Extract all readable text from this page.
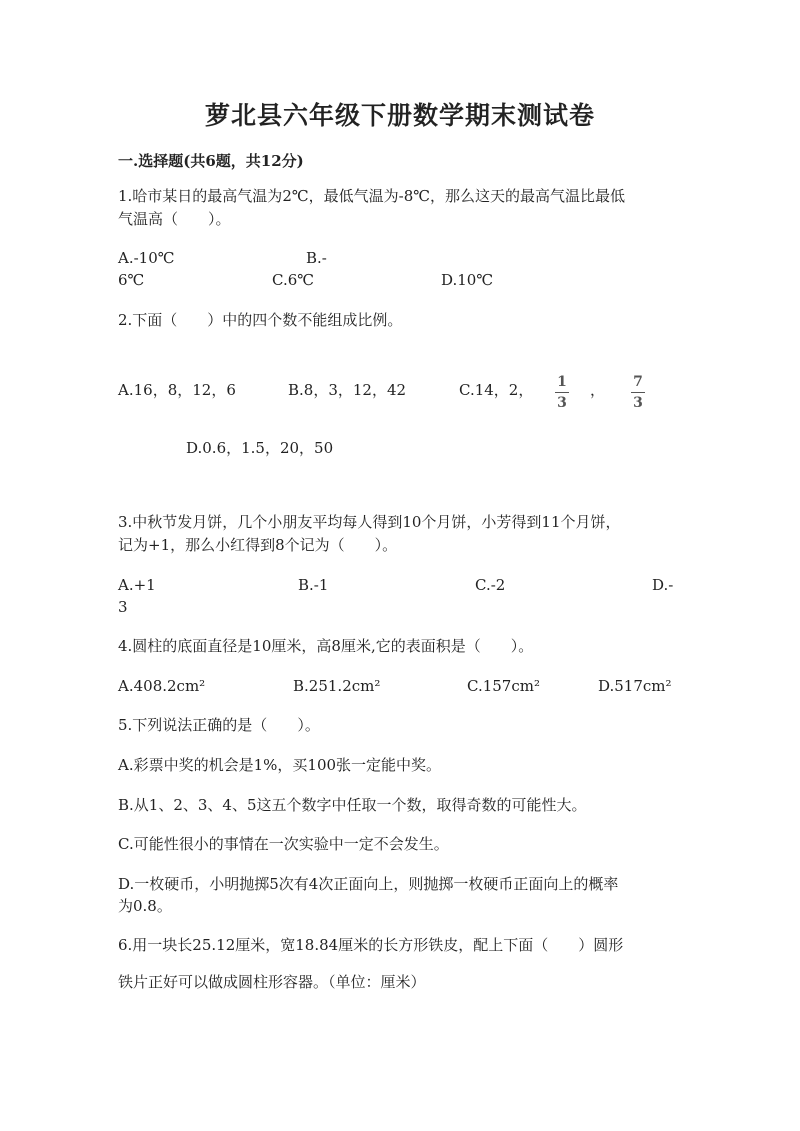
萝北县六年级下册数学期末测试卷
一.选择题(共6题，共12分)
1.哈市某日的最高气温为2℃，最低气温为-8℃，那么这天的最高气温比最低
气温高（　　）。
A.-10℃	B.-
6℃	C.6℃	D.10℃
2.下面（　　）中的四个数不能组成比例。
A.16，8，12，6	B.8，3，12，42	C.14，2， 1
3
， 7
3
D.0.6，1.5，20，50
3.中秋节发月饼，几个小朋友平均每人得到10个月饼，小芳得到11个月饼，
记为+1，那么小红得到8个记为（　　）。
A.+1	B.-1	C.-2	D.-
3
4.圆柱的底面直径是10厘米，高8厘米,它的表面积是（　　）。
A.408.2cm²	B.251.2cm²	C.157cm²	D.517cm²
5.下列说法正确的是（　　）。
A.彩票中奖的机会是1%，买100张一定能中奖。
B.从1、2、3、4、5这五个数字中任取一个数，取得奇数的可能性大。
C.可能性很小的事情在一次实验中一定不会发生。
D.一枚硬币，小明抛掷5次有4次正面向上，则抛掷一枚硬币正面向上的概率
为0.8。
6.用一块长25.12厘米，宽18.84厘米的长方形铁皮，配上下面（　　）圆形
铁片正好可以做成圆柱形容器。（单位：厘米）
